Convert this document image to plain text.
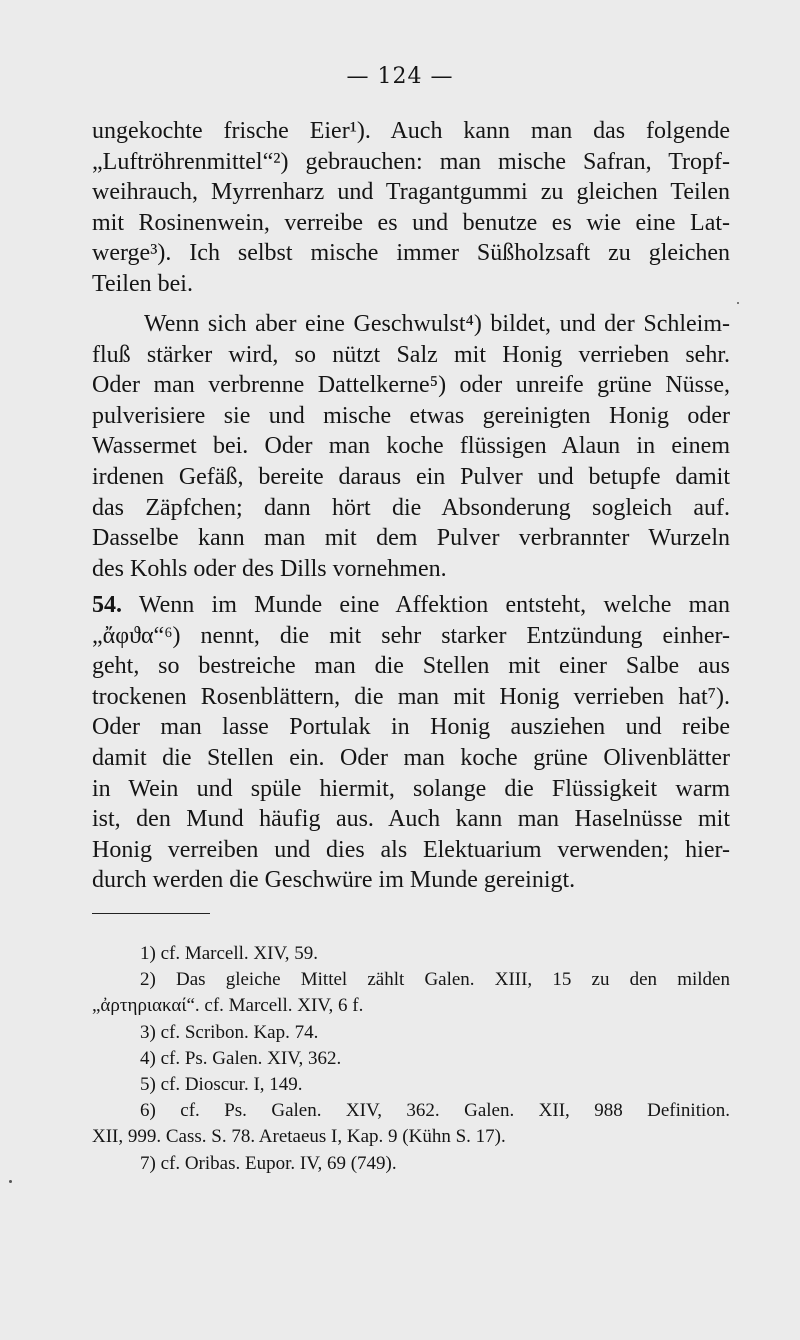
— 124 —
ungekochte frische Eier¹). Auch kann man das folgende
„Luftröhrenmittel“²) gebrauchen: man mische Safran, Tropf-
weihrauch, Myrrenharz und Tragantgummi zu gleichen Teilen
mit Rosinenwein, verreibe es und benutze es wie eine Lat-
werge³). Ich selbst mische immer Süßholzsaft zu gleichen
Teilen bei.
Wenn sich aber eine Geschwulst⁴) bildet, und der Schleim-
fluß stärker wird, so nützt Salz mit Honig verrieben sehr.
Oder man verbrenne Dattelkerne⁵) oder unreife grüne Nüsse,
pulverisiere sie und mische etwas gereinigten Honig oder
Wassermet bei. Oder man koche flüssigen Alaun in einem
irdenen Gefäß, bereite daraus ein Pulver und betupfe damit
das Zäpfchen; dann hört die Absonderung sogleich auf.
Dasselbe kann man mit dem Pulver verbrannter Wurzeln
des Kohls oder des Dills vornehmen.
54. Wenn im Munde eine Affektion entsteht, welche man
„ἄφϑα“⁶) nennt, die mit sehr starker Entzündung einher-
geht, so bestreiche man die Stellen mit einer Salbe aus
trockenen Rosenblättern, die man mit Honig verrieben hat⁷).
Oder man lasse Portulak in Honig ausziehen und reibe
damit die Stellen ein. Oder man koche grüne Olivenblätter
in Wein und spüle hiermit, solange die Flüssigkeit warm
ist, den Mund häufig aus. Auch kann man Haselnüsse mit
Honig verreiben und dies als Elektuarium verwenden; hier-
durch werden die Geschwüre im Munde gereinigt.
1) cf. Marcell. XIV, 59.
2) Das gleiche Mittel zählt Galen. XIII, 15 zu den milden
„ἀρτηριακαί“. cf. Marcell. XIV, 6 f.
3) cf. Scribon. Kap. 74.
4) cf. Ps. Galen. XIV, 362.
5) cf. Dioscur. I, 149.
6) cf. Ps. Galen. XIV, 362. Galen. XII, 988 Definition.
XII, 999. Cass. S. 78. Aretaeus I, Kap. 9 (Kühn S. 17).
7) cf. Oribas. Eupor. IV, 69 (749).
